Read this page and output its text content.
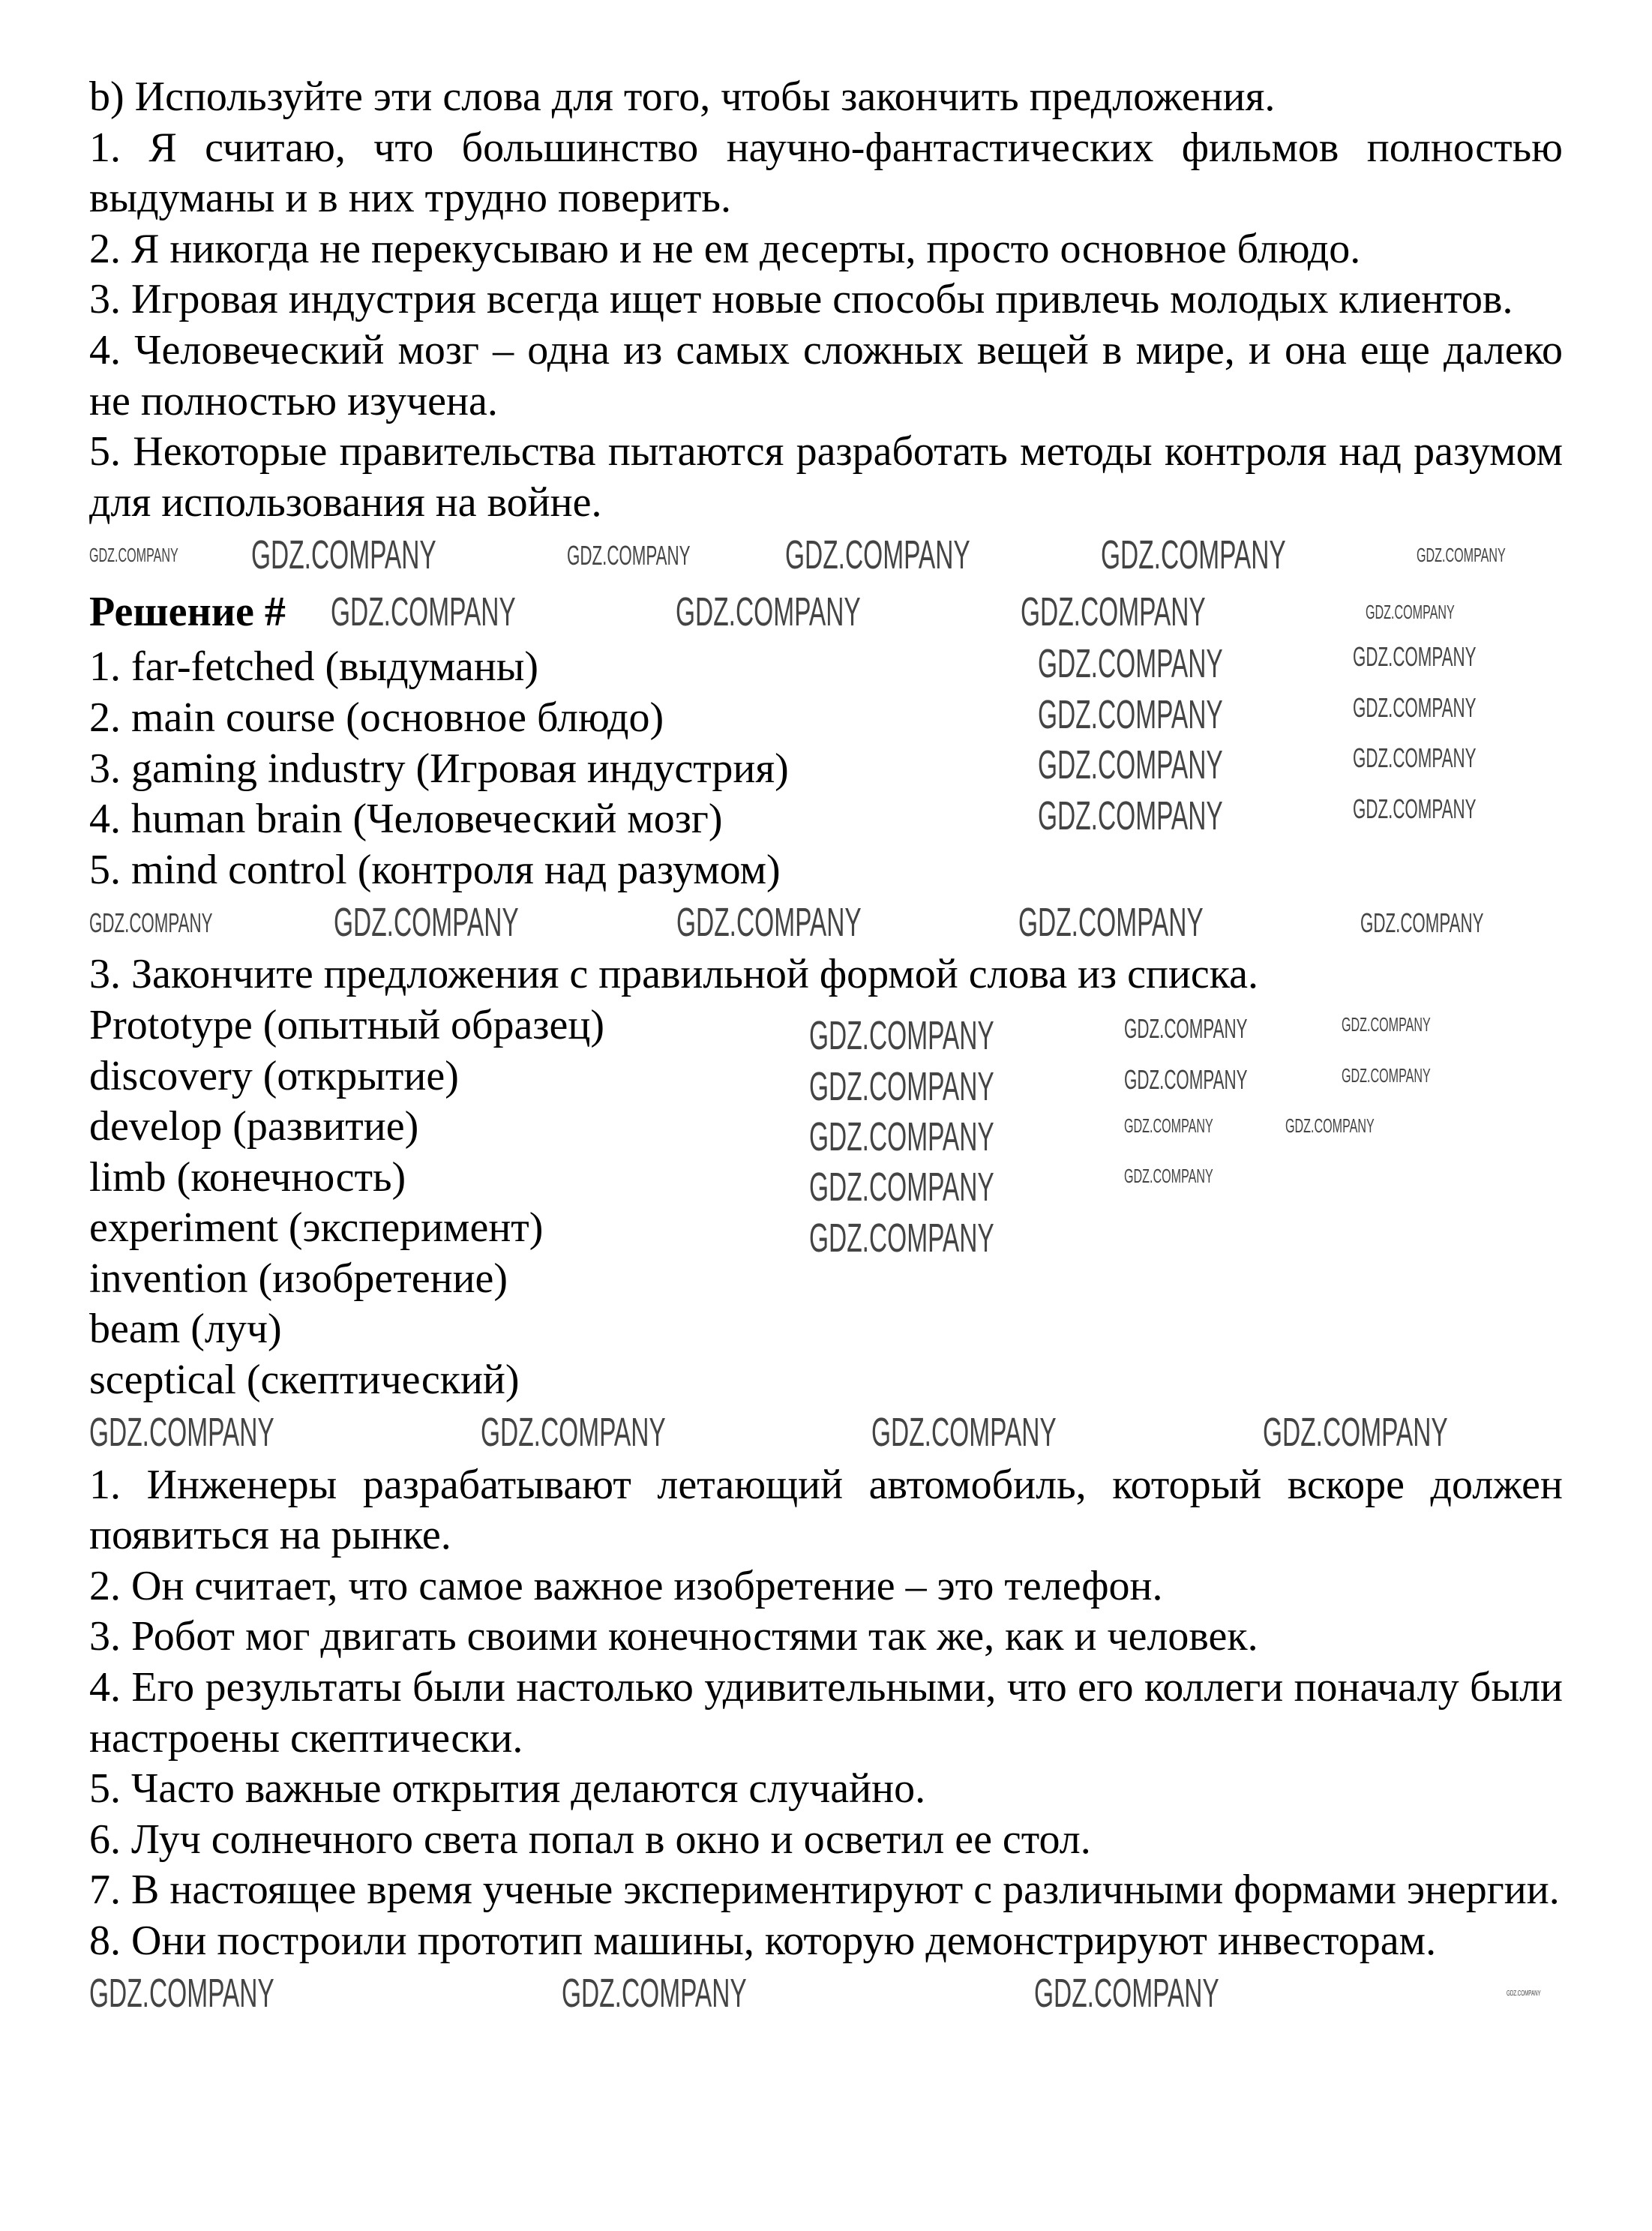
b) Используйте эти слова для того, чтобы закончить предложения.

1. Я считаю, что большинство научно-фантастических фильмов полностью выдуманы и в них трудно поверить.

2. Я никогда не перекусываю и не ем десерты, просто основное блюдо.

3. Игровая индустрия всегда ищет новые способы привлечь молодых клиентов.

4. Человеческий мозг – одна из самых сложных вещей в мире, и она еще далеко не полностью изучена.

5. Некоторые правительства пытаются разработать методы контроля над разумом для использования на войне.

GDZ.COMPANY GDZ.COMPANY	GDZ.COMPANY GDZ.COMPANY	GDZ.COMPANY	GDZ.COMPANY
Решение # GDZ.COMPANY	GDZ.COMPANY	GDZ.COMPANY	GDZ.COMPANY

1. far-fetched (выдуманы)

2. main course (основное блюдо)

3. gaming industry (Игровая индустрия)

4. human brain (Человеческий мозг)

5. mind control (контроля над разумом)

GDZ.COMPANY	GDZ.COMPANY
GDZ.COMPANY	GDZ.COMPANY
GDZ.COMPANY	GDZ.COMPANY
GDZ.COMPANY	GDZ.COMPANY
GDZ.COMPANY	GDZ.COMPANY	GDZ.COMPANY	GDZ.COMPANY	GDZ.COMPANY

3. Закончите предложения с правильной формой слова из списка.

Prototype (опытный образец)

discovery (открытие)

develop (развитие)

limb (конечность)

experiment (эксперимент)

invention (изобретение)

beam (луч)

sceptical (скептический)

GDZ.COMPANY	GDZ.COMPANY	GDZ.COMPANY
GDZ.COMPANY	GDZ.COMPANY	GDZ.COMPANY
GDZ.COMPANY	GDZ.COMPANY	GDZ.COMPANY
GDZ.COMPANY	GDZ.COMPANY
GDZ.COMPANY
GDZ.COMPANY	GDZ.COMPANY	GDZ.COMPANY	GDZ.COMPANY

1. Инженеры разрабатывают летающий автомобиль, который вскоре должен появиться на рынке.

2. Он считает, что самое важное изобретение – это телефон.

3. Робот мог двигать своими конечностями так же, как и человек.

4. Его результаты были настолько удивительными, что его коллеги поначалу были настроены скептически.

5. Часто важные открытия делаются случайно.

6. Луч солнечного света попал в окно и осветил ее стол.

7. В настоящее время ученые экспериментируют с различными формами энергии.

8. Они построили прототип машины, которую демонстрируют инвесторам.

GDZ.COMPANY	GDZ.COMPANY	GDZ.COMPANY	GDZ.COMPANY
